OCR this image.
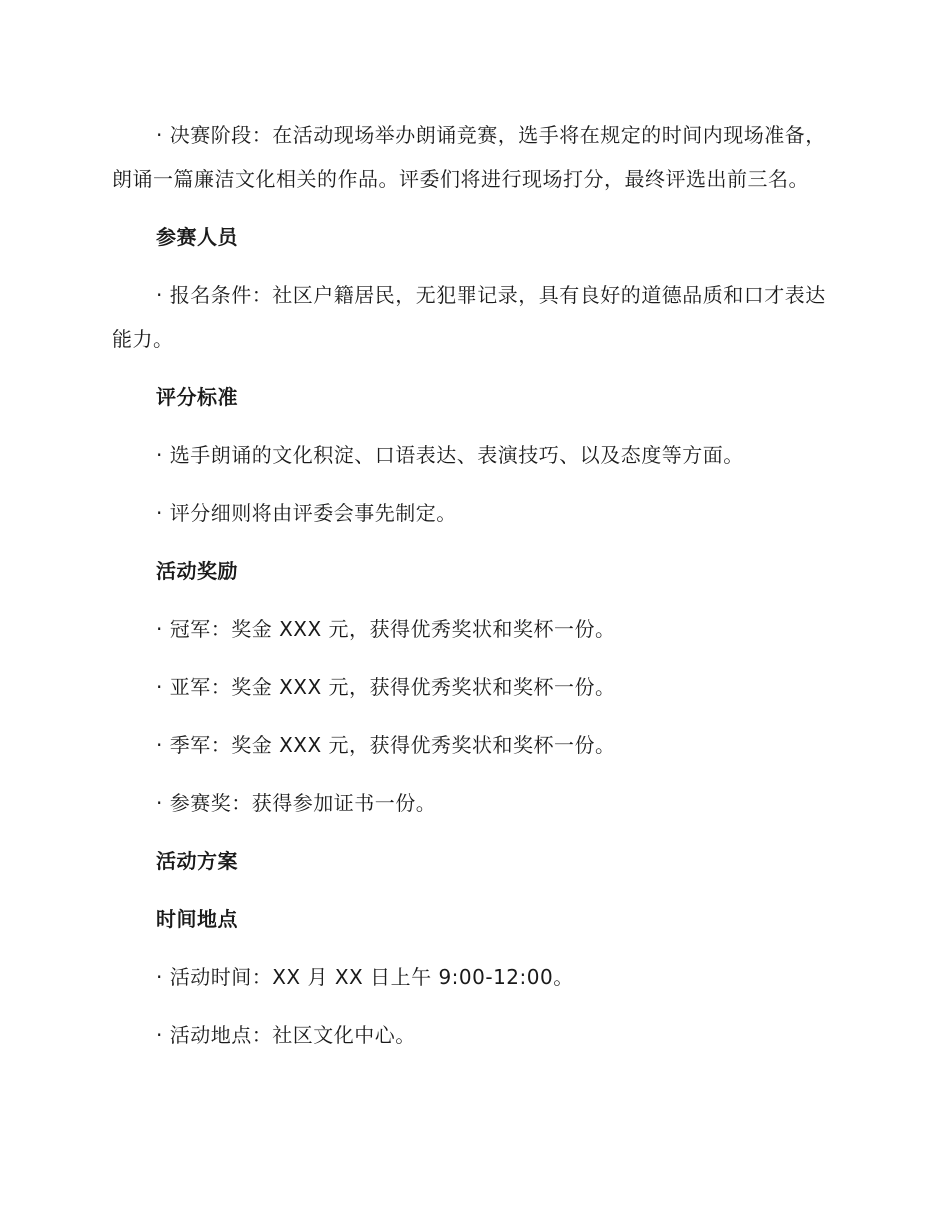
· 决赛阶段：在活动现场举办朗诵竞赛，选手将在规定的时间内现场准备，朗诵一篇廉洁文化相关的作品。评委们将进行现场打分，最终评选出前三名。

参赛人员

· 报名条件：社区户籍居民，无犯罪记录，具有良好的道德品质和口才表达能力。

评分标准

· 选手朗诵的文化积淀、口语表达、表演技巧、以及态度等方面。

· 评分细则将由评委会事先制定。

活动奖励

· 冠军：奖金 XXX 元，获得优秀奖状和奖杯一份。

· 亚军：奖金 XXX 元，获得优秀奖状和奖杯一份。

· 季军：奖金 XXX 元，获得优秀奖状和奖杯一份。

· 参赛奖：获得参加证书一份。

活动方案

时间地点

· 活动时间：XX 月 XX 日上午 9:00-12:00。

· 活动地点：社区文化中心。
